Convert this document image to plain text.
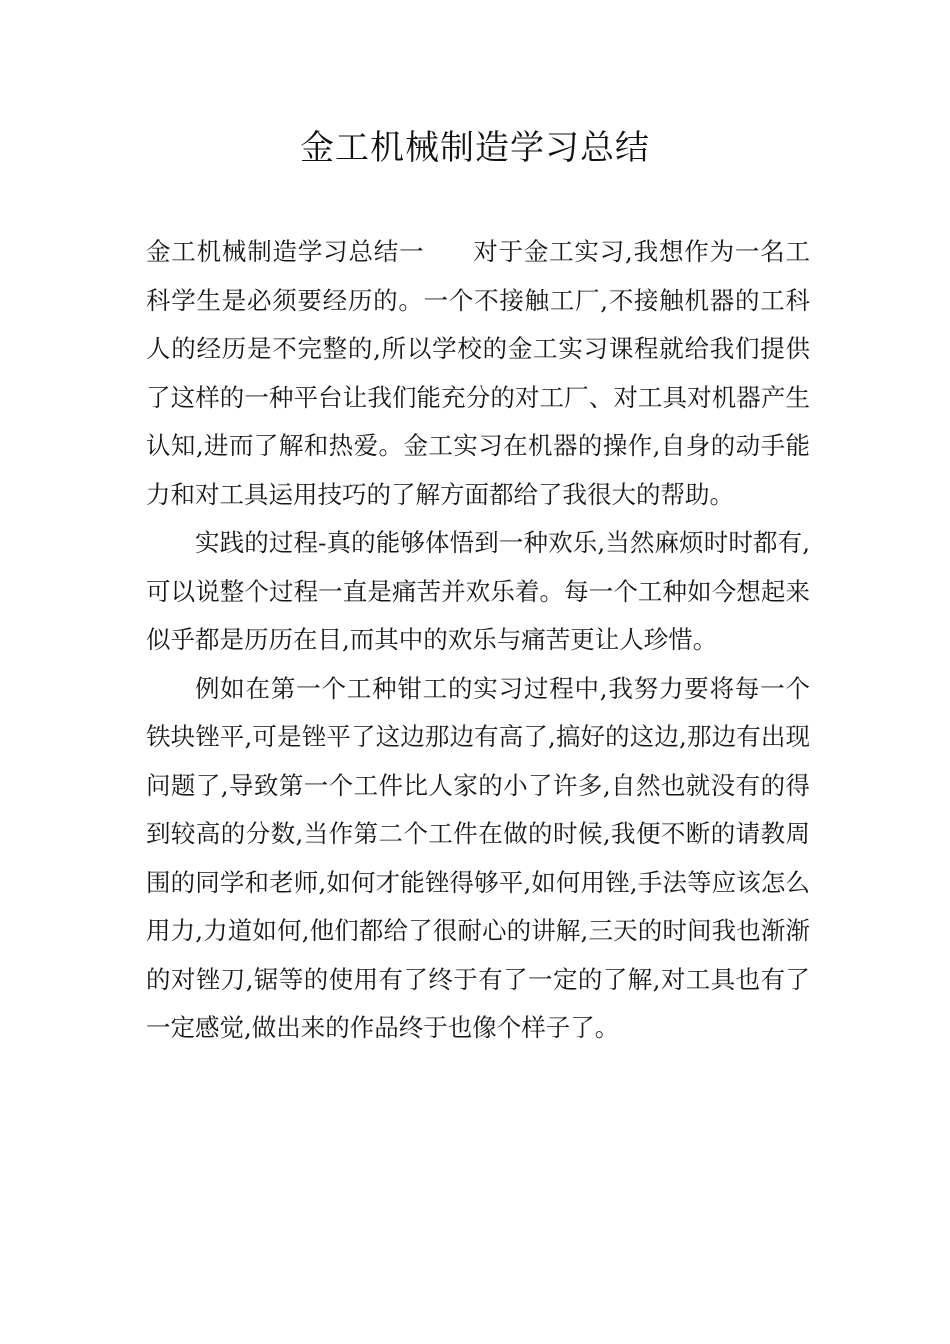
金工机械制造学习总结

金工机械制造学习总结一 对于金工实习,我想作为一名工科学生是必须要经历的。一个不接触工厂,不接触机器的工科人的经历是不完整的,所以学校的金工实习课程就给我们提供了这样的一种平台让我们能充分的对工厂、对工具对机器产生认知,进而了解和热爱。金工实习在机器的操作,自身的动手能力和对工具运用技巧的了解方面都给了我很大的帮助。

实践的过程-真的能够体悟到一种欢乐,当然麻烦时时都有,可以说整个过程一直是痛苦并欢乐着。每一个工种如今想起来似乎都是历历在目,而其中的欢乐与痛苦更让人珍惜。

例如在第一个工种钳工的实习过程中,我努力要将每一个铁块锉平,可是锉平了这边那边有高了,搞好的这边,那边有出现问题了,导致第一个工件比人家的小了许多,自然也就没有的得到较高的分数,当作第二个工件在做的时候,我便不断的请教周围的同学和老师,如何才能锉得够平,如何用锉,手法等应该怎么用力,力道如何,他们都给了很耐心的讲解,三天的时间我也渐渐的对锉刀,锯等的使用有了终于有了一定的了解,对工具也有了一定感觉,做出来的作品终于也像个样子了。
